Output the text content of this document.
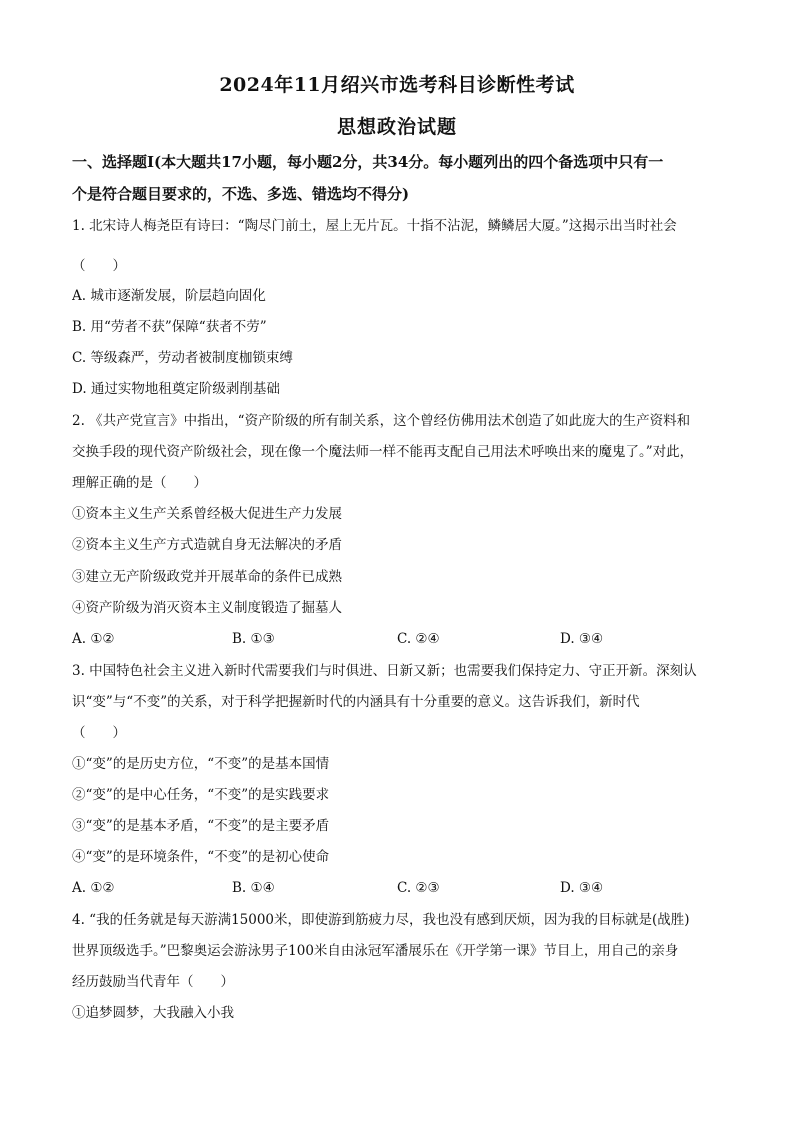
2024年11月绍兴市选考科目诊断性考试
思想政治试题
一、选择题Ⅰ(本大题共17小题，每小题2分，共34分。每小题列出的四个备选项中只有一
个是符合题目要求的，不选、多选、错选均不得分)
1. 北宋诗人梅尧臣有诗曰：“陶尽门前土，屋上无片瓦。十指不沾泥，鳞鳞居大厦。”这揭示出当时社会
（　　）
A. 城市逐渐发展，阶层趋向固化
B. 用“劳者不获”保障“获者不劳”
C. 等级森严，劳动者被制度枷锁束缚
D. 通过实物地租奠定阶级剥削基础
2. 《共产党宣言》中指出，“资产阶级的所有制关系，这个曾经仿佛用法术创造了如此庞大的生产资料和
交换手段的现代资产阶级社会，现在像一个魔法师一样不能再支配自己用法术呼唤出来的魔鬼了。”对此，
理解正确的是（　　）
①资本主义生产关系曾经极大促进生产力发展
②资本主义生产方式造就自身无法解决的矛盾
③建立无产阶级政党并开展革命的条件已成熟
④资产阶级为消灭资本主义制度锻造了掘墓人
A. ①②	B. ①③	C. ②④	D. ③④
3. 中国特色社会主义进入新时代需要我们与时俱进、日新又新；也需要我们保持定力、守正开新。深刻认
识“变”与“不变”的关系，对于科学把握新时代的内涵具有十分重要的意义。这告诉我们，新时代
（　　）
①“变”的是历史方位，“不变”的是基本国情
②“变”的是中心任务，“不变”的是实践要求
③“变”的是基本矛盾，“不变”的是主要矛盾
④“变”的是环境条件，“不变”的是初心使命
A. ①②	B. ①④	C. ②③	D. ③④
4. “我的任务就是每天游满15000米，即使游到筋疲力尽，我也没有感到厌烦，因为我的目标就是(战胜)
世界顶级选手。”巴黎奥运会游泳男子100米自由泳冠军潘展乐在《开学第一课》节目上，用自己的亲身
经历鼓励当代青年（　　）
①追梦圆梦，大我融入小我
